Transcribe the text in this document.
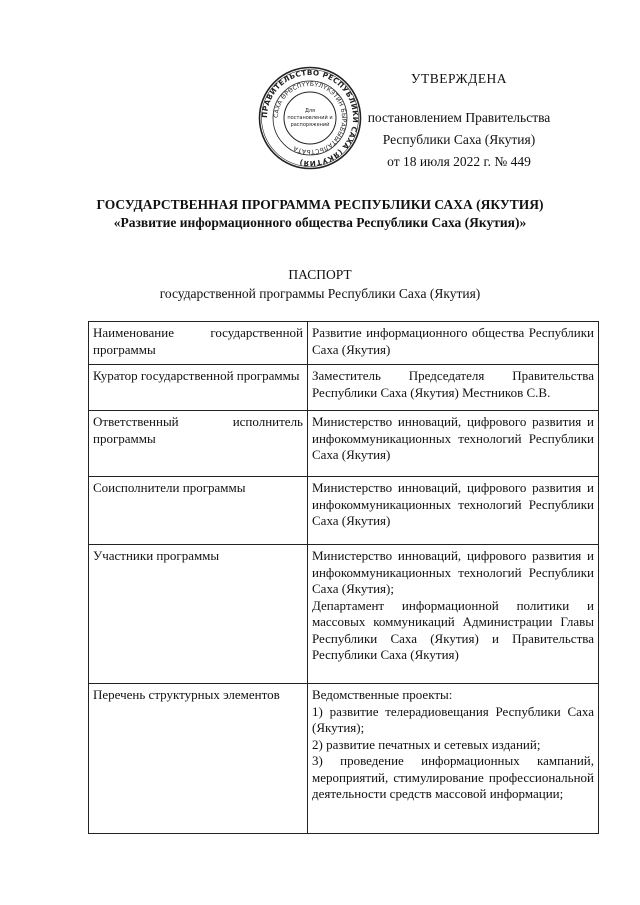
ПРАВИТЕЛЬСТВО РЕСПУБЛИКИ САХА (ЯКУТИЯ)
САХА ӨРӨСПҮҮБҮЛҮКЭТИН БЫРАБЫЫТАЛЬСТЬАТА
Для
постановлений и
распоряжений
УТВЕРЖДЕНА
постановлением Правительства
Республики Саха (Якутия)
от 18 июля 2022 г. № 449
ГОСУДАРСТВЕННАЯ ПРОГРАММА РЕСПУБЛИКИ САХА (ЯКУТИЯ)
«Развитие информационного общества Республики Саха (Якутия)»
ПАСПОРТ
государственной программы Республики Саха (Якутия)
Наименование государственной программы	Развитие информационного общества Республики Саха (Якутия)

Куратор государственной программы	Заместитель Председателя Правительства Республики Саха (Якутия) Местников С.В.

Ответственный исполнитель программы	Министерство инноваций, цифрового развития и инфокоммуникационных технологий Республики Саха (Якутия)

Соисполнители программы	Министерство инноваций, цифрового развития и инфокоммуникационных технологий Республики Саха (Якутия)

Участники программы	Министерство инноваций, цифрового развития и инфокоммуникационных технологий Республики Саха (Якутия);
Департамент информационной политики и массовых коммуникаций Администрации Главы Республики Саха (Якутия) и Правительства Республики Саха (Якутия)

Перечень структурных элементов	Ведомственные проекты:
1) развитие телерадиовещания Республики Саха (Якутия);
2) развитие печатных и сетевых изданий;
3) проведение информационных кампаний, мероприятий, стимулирование профессиональной деятельности средств массовой информации;
